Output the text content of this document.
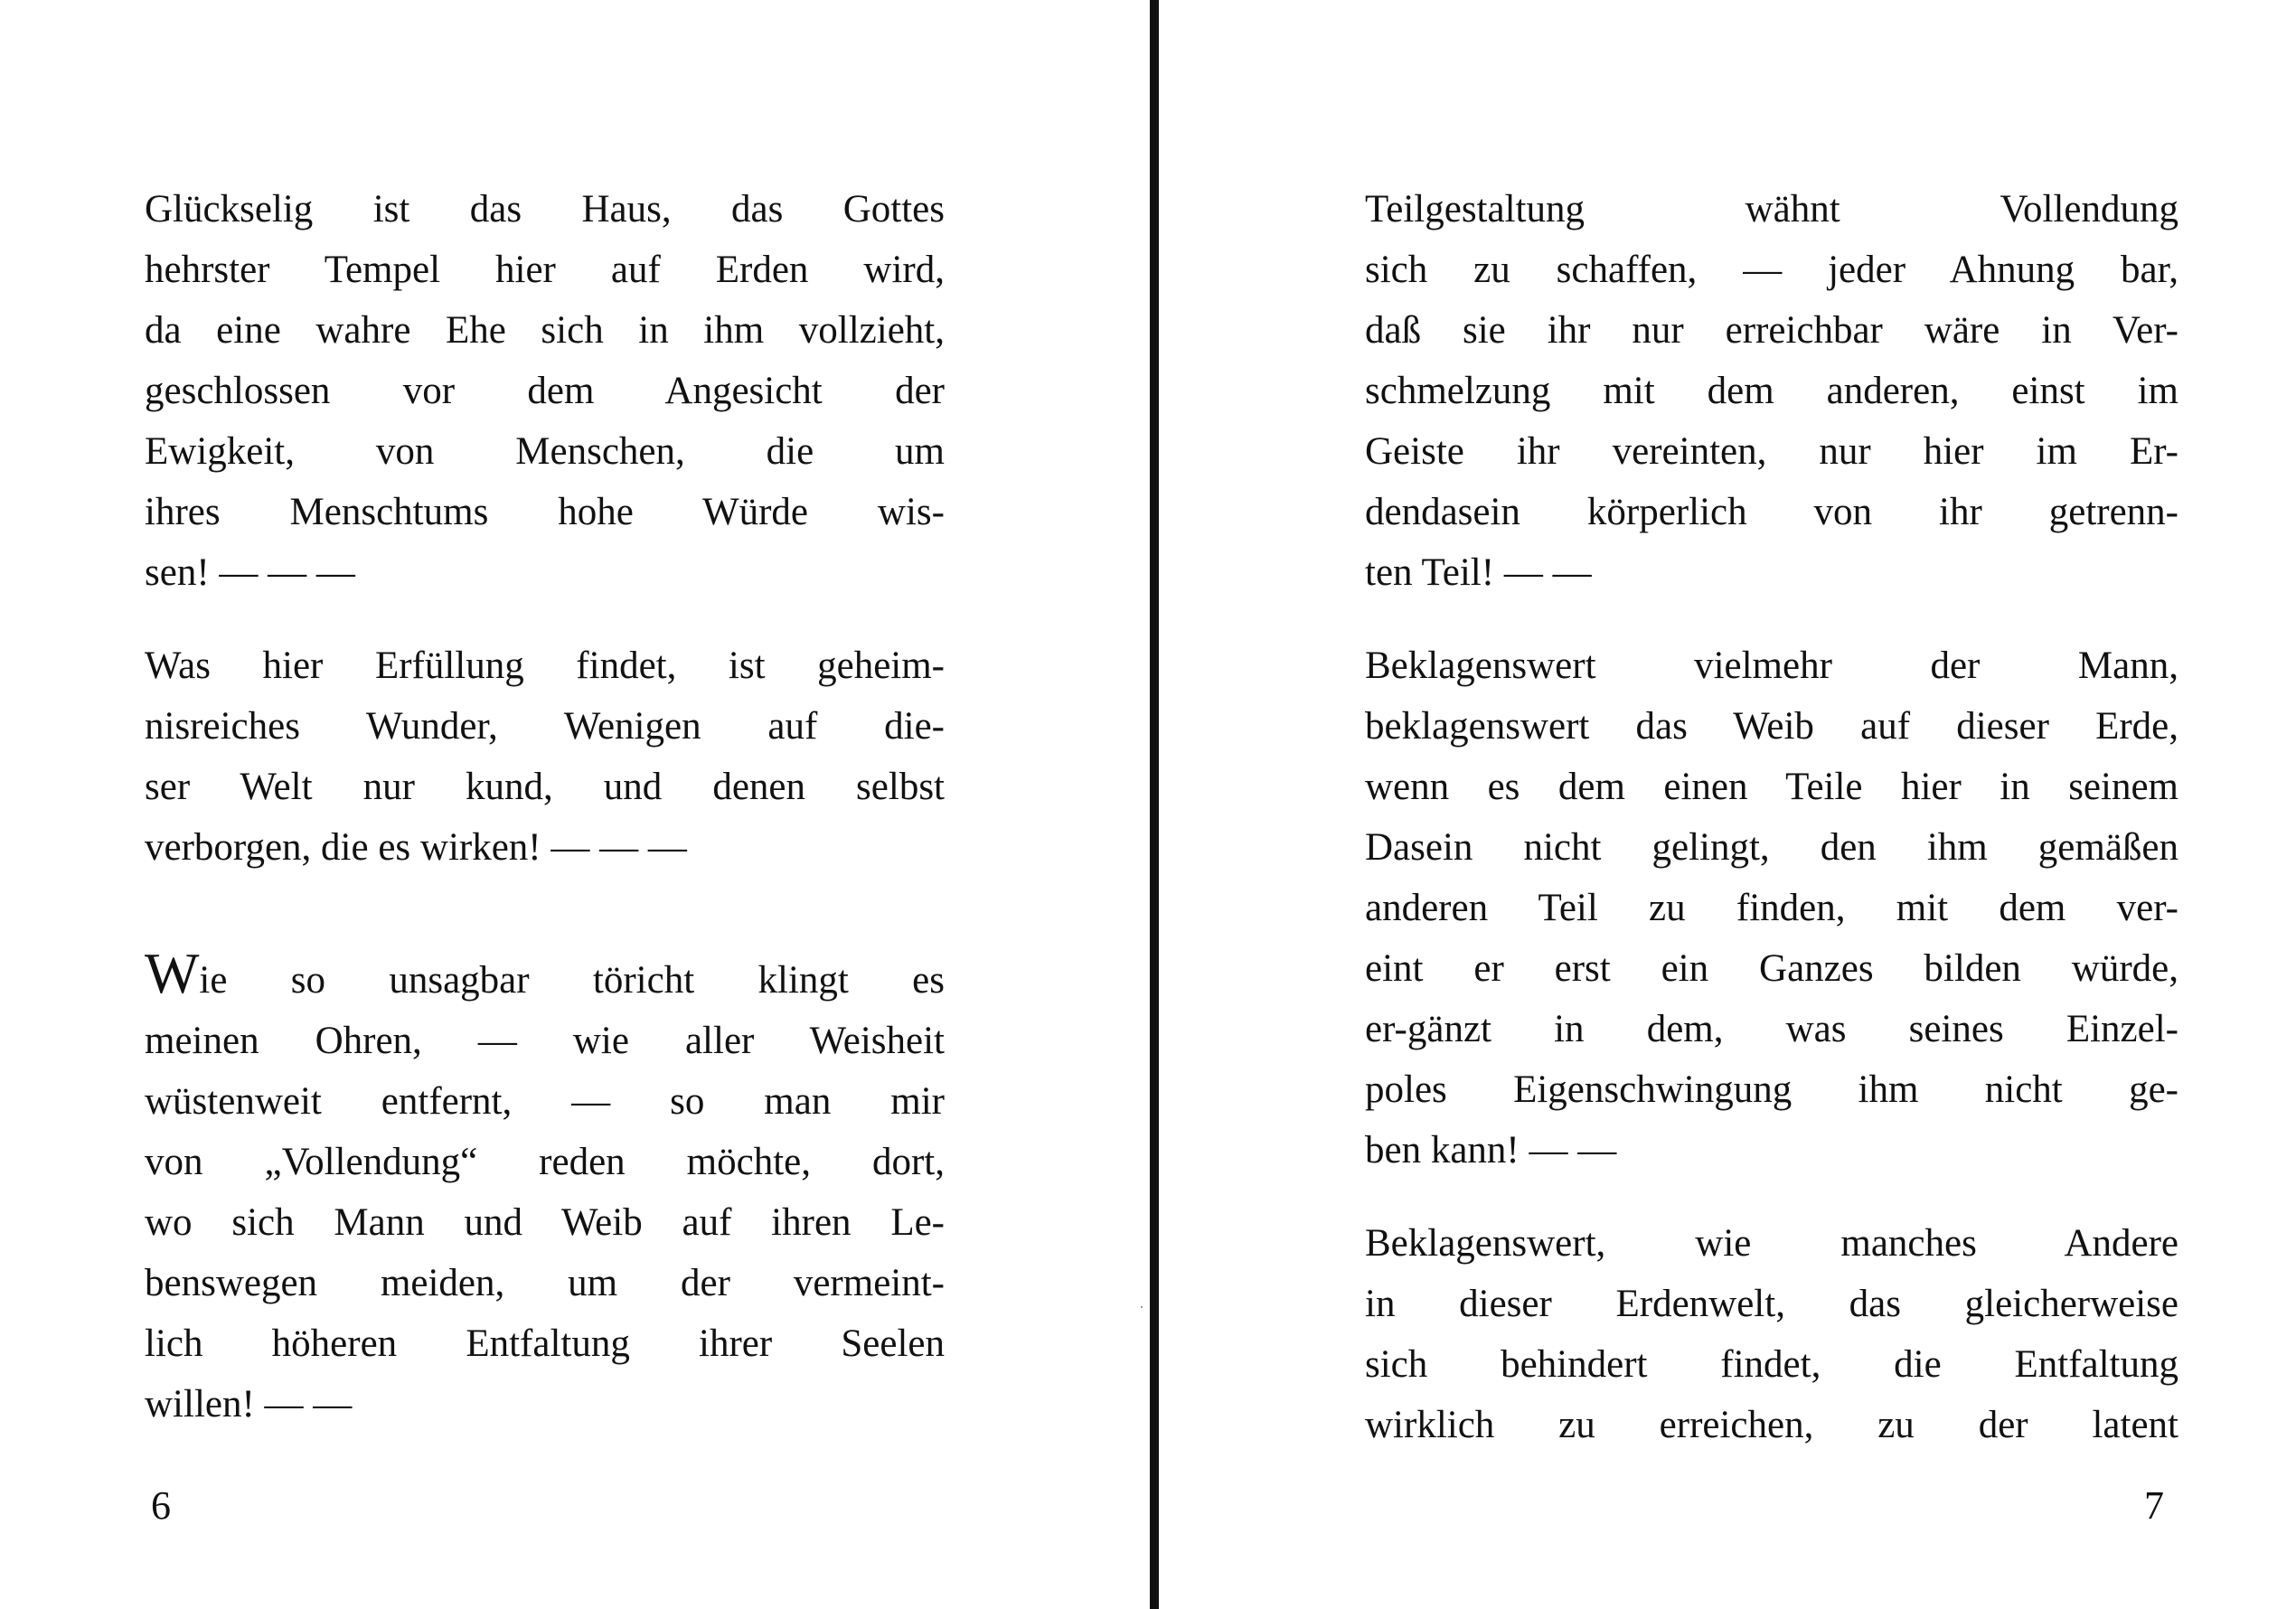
Glückselig ist das Haus, das Gottes
hehrster Tempel hier auf Erden wird,
da eine wahre Ehe sich in ihm vollzieht,
geschlossen vor dem Angesicht der
Ewigkeit, von Menschen, die um
ihres Menschtums hohe Würde wis-
sen! — — —

Was hier Erfüllung findet, ist geheim-
nisreiches Wunder, Wenigen auf die-
ser Welt nur kund, und denen selbst
verborgen, die es wirken! — — —

Wie so unsagbar töricht klingt es
meinen Ohren, — wie aller Weisheit
wüstenweit entfernt, — so man mir
von „Vollendung“ reden möchte, dort,
wo sich Mann und Weib auf ihren Le-
benswegen meiden, um der vermeint-
lich höheren Entfaltung ihrer Seelen
willen! — —

6

Teilgestaltung wähnt Vollendung
sich zu schaffen, — jeder Ahnung bar,
daß sie ihr nur erreichbar wäre in Ver-
schmelzung mit dem anderen, einst im
Geiste ihr vereinten, nur hier im Er-
dendasein körperlich von ihr getrenn-
ten Teil! — —

Beklagenswert vielmehr der Mann,
beklagenswert das Weib auf dieser Erde,
wenn es dem einen Teile hier in seinem
Dasein nicht gelingt, den ihm gemäßen
anderen Teil zu finden, mit dem ver-
eint er erst ein Ganzes bilden würde,
er-gänzt in dem, was seines Einzel-
poles Eigenschwingung ihm nicht ge-
ben kann! — —

Beklagenswert, wie manches Andere
in dieser Erdenwelt, das gleicherweise
sich behindert findet, die Entfaltung
wirklich zu erreichen, zu der latent

7
